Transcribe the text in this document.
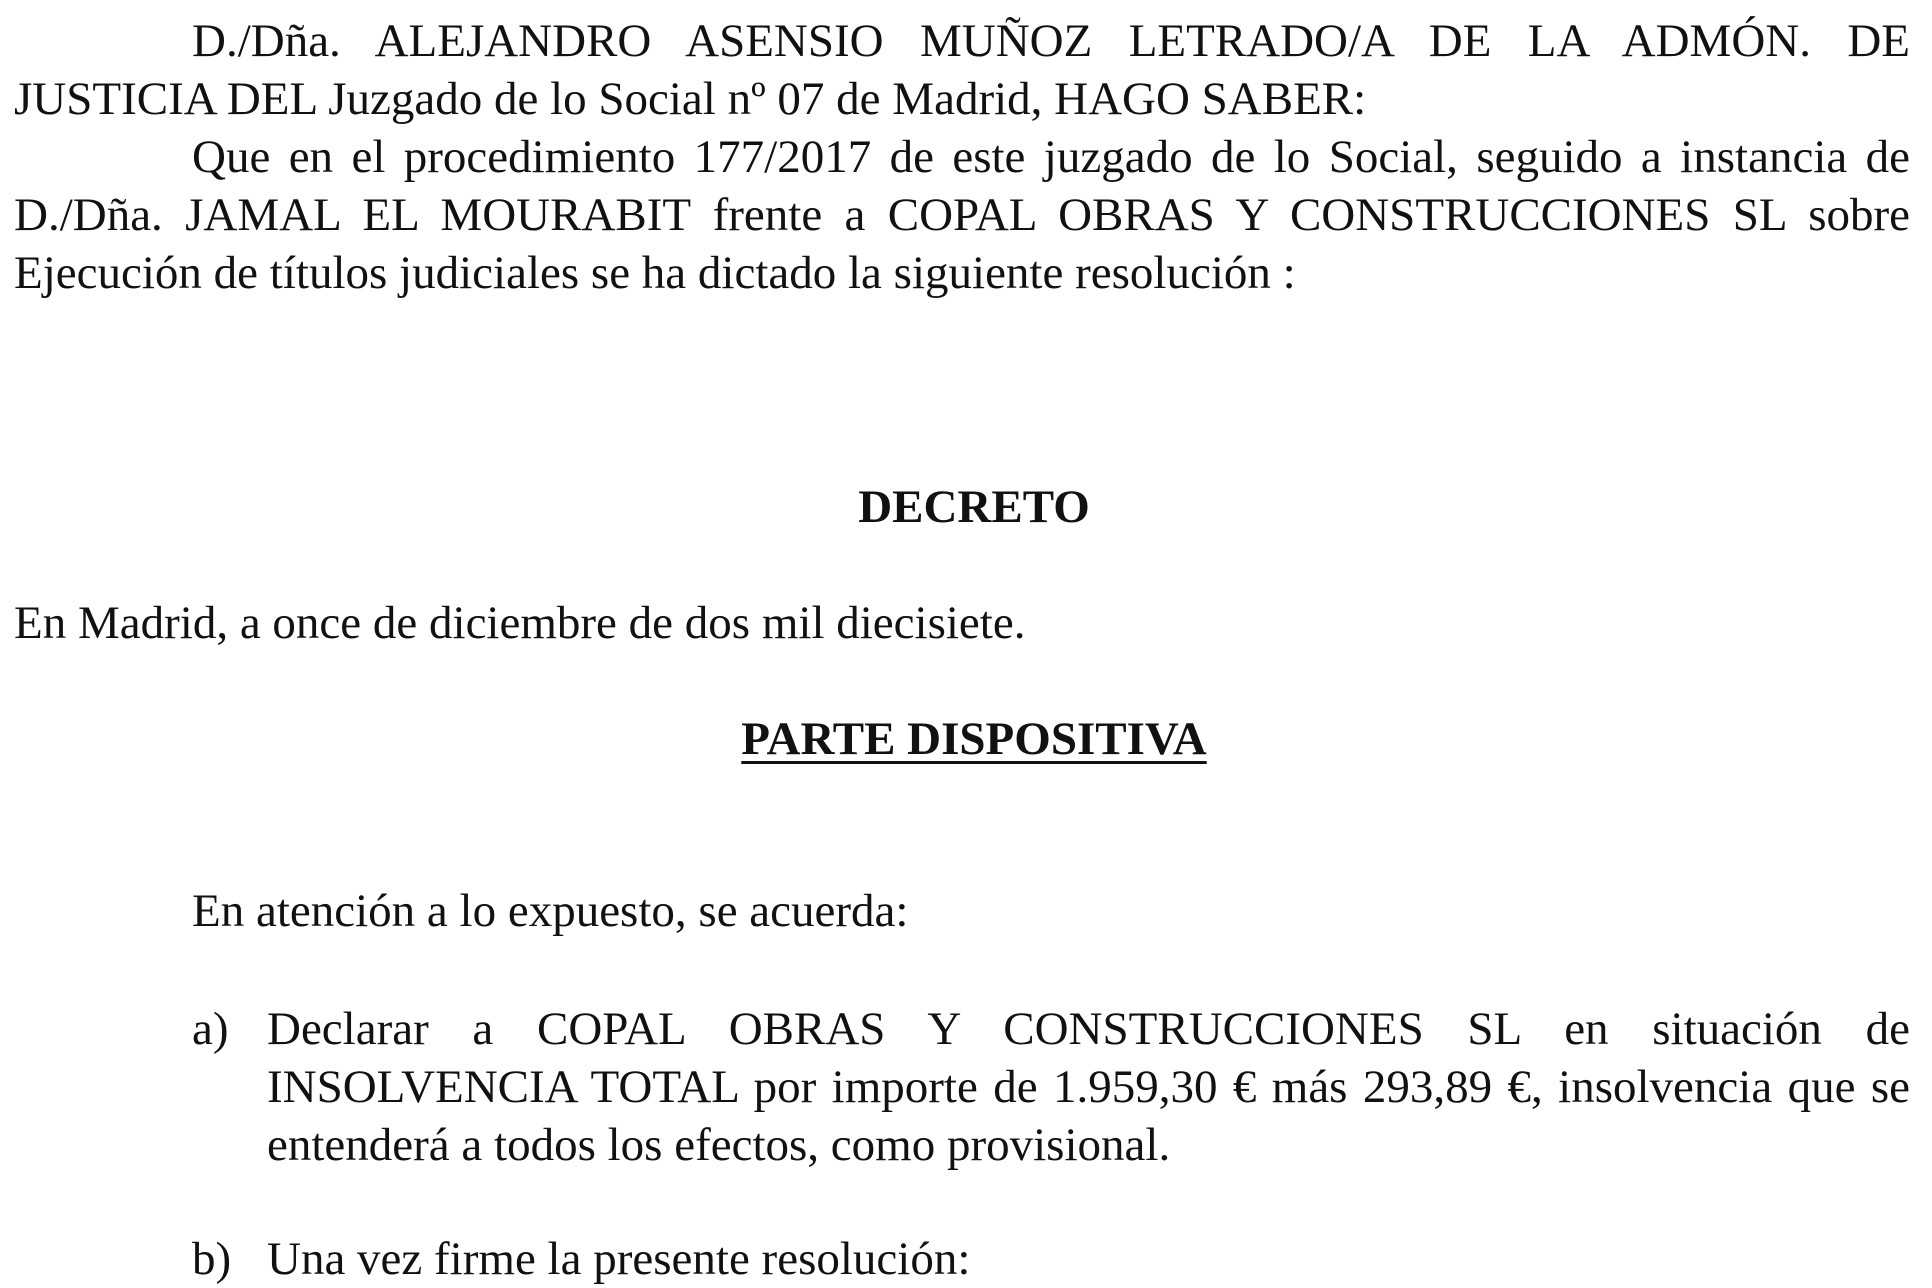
D./Dña. ALEJANDRO ASENSIO MUÑOZ LETRADO/A DE LA ADMÓN. DE JUSTICIA DEL Juzgado de lo Social nº 07 de Madrid, HAGO SABER:

Que en el procedimiento 177/2017 de este juzgado de lo Social, seguido a instancia de D./Dña. JAMAL EL MOURABIT frente a COPAL OBRAS Y CONSTRUCCIONES SL sobre Ejecución de títulos judiciales se ha dictado la siguiente resolución :

DECRETO

En Madrid, a once de diciembre de dos mil diecisiete.

PARTE DISPOSITIVA

En atención a lo expuesto, se acuerda:

a) Declarar a COPAL OBRAS Y CONSTRUCCIONES SL en situación de INSOLVENCIA TOTAL por importe de 1.959,30 € más 293,89 €, insolvencia que se entenderá a todos los efectos, como provisional.

b) Una vez firme la presente resolución:
